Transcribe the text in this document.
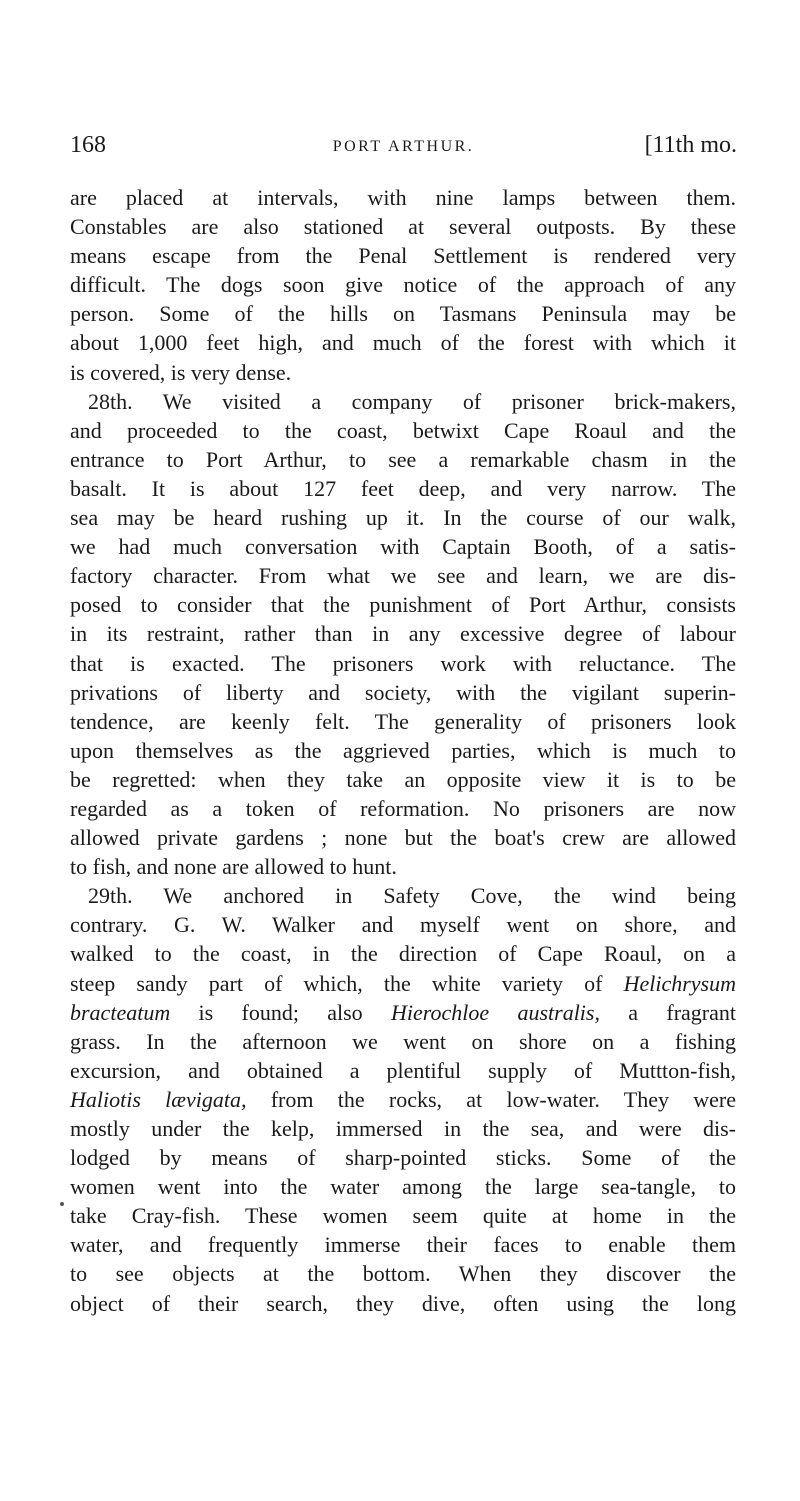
168	PORT ARTHUR.	[11th mo.
are placed at intervals, with nine lamps between them.
Constables are also stationed at several outposts. By these
means escape from the Penal Settlement is rendered very
difficult. The dogs soon give notice of the approach of any
person. Some of the hills on Tasmans Peninsula may be
about 1,000 feet high, and much of the forest with which it
is covered, is very dense.
28th. We visited a company of prisoner brick-makers,
and proceeded to the coast, betwixt Cape Roaul and the
entrance to Port Arthur, to see a remarkable chasm in the
basalt. It is about 127 feet deep, and very narrow. The
sea may be heard rushing up it. In the course of our walk,
we had much conversation with Captain Booth, of a satis-
factory character. From what we see and learn, we are dis-
posed to consider that the punishment of Port Arthur, consists
in its restraint, rather than in any excessive degree of labour
that is exacted. The prisoners work with reluctance. The
privations of liberty and society, with the vigilant superin-
tendence, are keenly felt. The generality of prisoners look
upon themselves as the aggrieved parties, which is much to
be regretted: when they take an opposite view it is to be
regarded as a token of reformation. No prisoners are now
allowed private gardens ; none but the boat's crew are allowed
to fish, and none are allowed to hunt.
29th. We anchored in Safety Cove, the wind being
contrary. G. W. Walker and myself went on shore, and
walked to the coast, in the direction of Cape Roaul, on a
steep sandy part of which, the white variety of Helichrysum
bracteatum is found; also Hierochloe australis, a fragrant
grass. In the afternoon we went on shore on a fishing
excursion, and obtained a plentiful supply of Muttton-fish,
Haliotis lævigata, from the rocks, at low-water. They were
mostly under the kelp, immersed in the sea, and were dis-
lodged by means of sharp-pointed sticks. Some of the
women went into the water among the large sea-tangle, to
take Cray-fish. These women seem quite at home in the
water, and frequently immerse their faces to enable them
to see objects at the bottom. When they discover the
object of their search, they dive, often using the long
